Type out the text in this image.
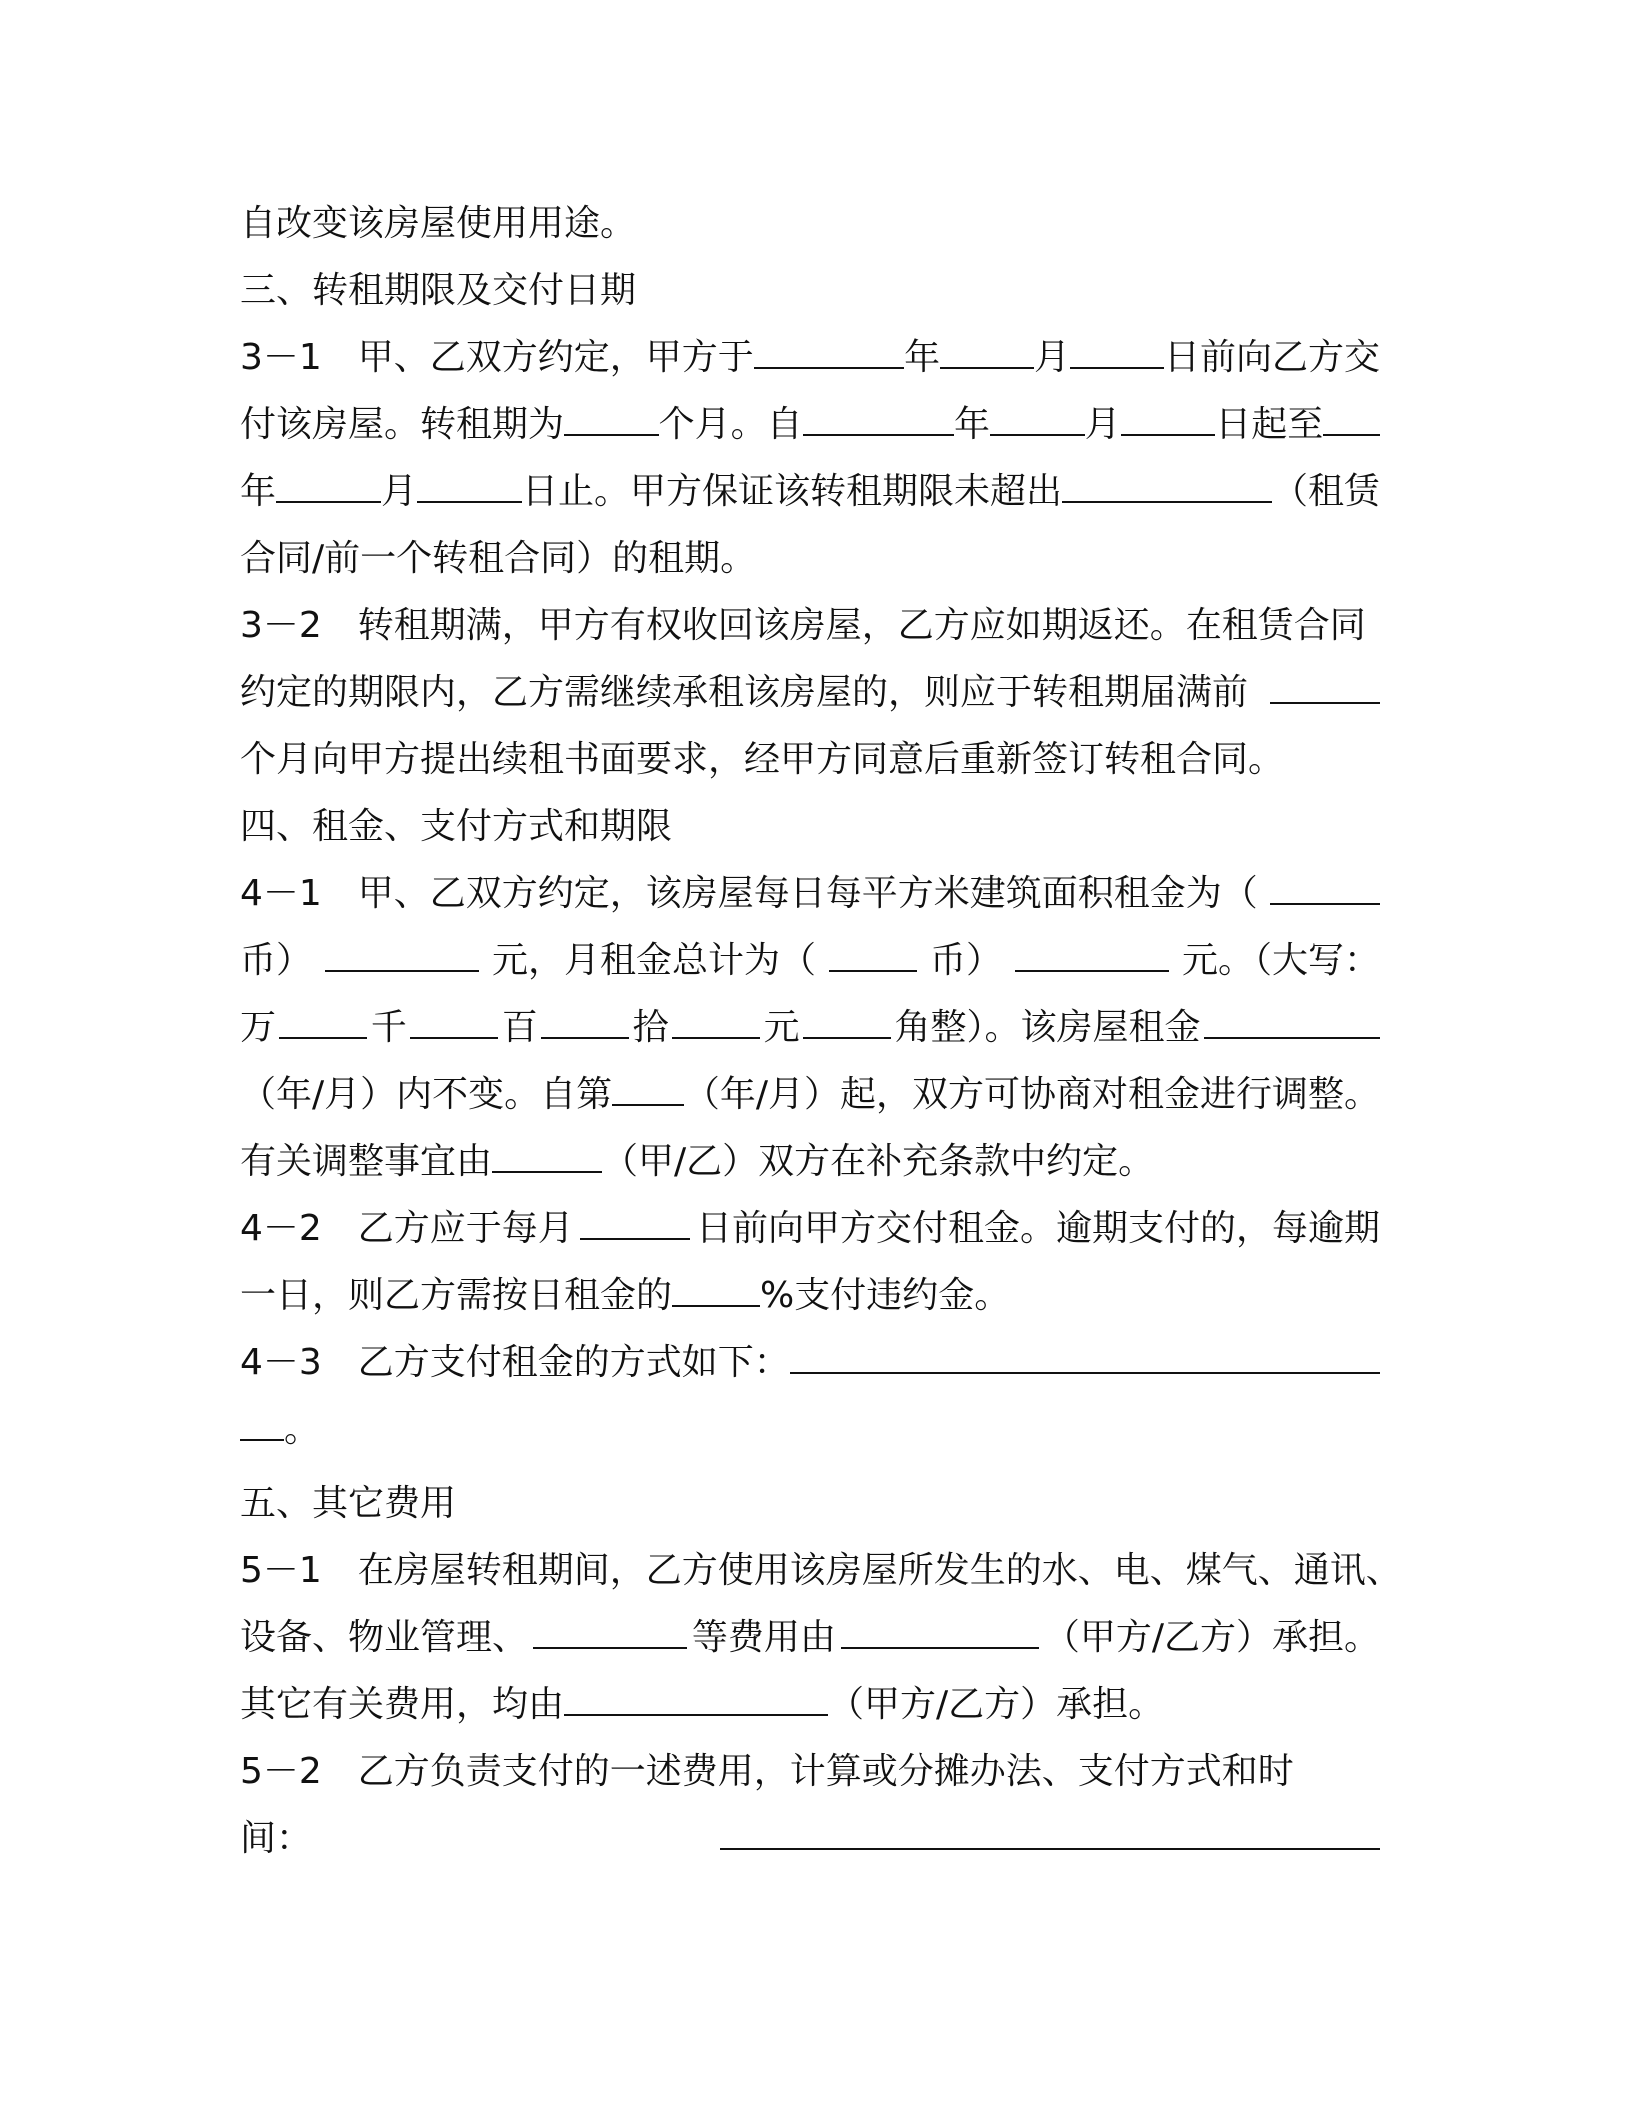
自改变该房屋使用用途。
三、转租期限及交付日期
3－1　甲、乙双方约定，甲方于	年	月	日前向乙方交
付该房屋。转租期为	个月。自	年	月	日起至
年	月	日止。甲方保证该转租期限未超出	（租赁
合同/前一个转租合同）的租期。
3－2　转租期满，甲方有权收回该房屋，乙方应如期返还。在租赁合同
约定的期限内，乙方需继续承租该房屋的，则应于转租期届满前
个月向甲方提出续租书面要求，经甲方同意后重新签订转租合同。
四、租金、支付方式和期限
4－1　甲、乙双方约定，该房屋每日每平方米建筑面积租金为（
币）	元，月租金总计为（	币）	元。（大写：
万	千	百	拾	元	角整）。该房屋租金
（年/月）内不变。自第 （年/月）起，双方可协商对租金进行调整。
有关调整事宜由	（甲/乙）双方在补充条款中约定。
4－2　乙方应于每月	日前向甲方交付租金。逾期支付的，每逾期
一日，则乙方需按日租金的 %支付违约金。
4－3　乙方支付租金的方式如下：
。
五、其它费用
5－1　在房屋转租期间，乙方使用该房屋所发生的水、电、煤气、通讯、
设备、物业管理、	等费用由	（甲方/乙方）承担。
其它有关费用，均由	（甲方/乙方）承担。
5－2　乙方负责支付的一述费用，计算或分摊办法、支付方式和时
间：
